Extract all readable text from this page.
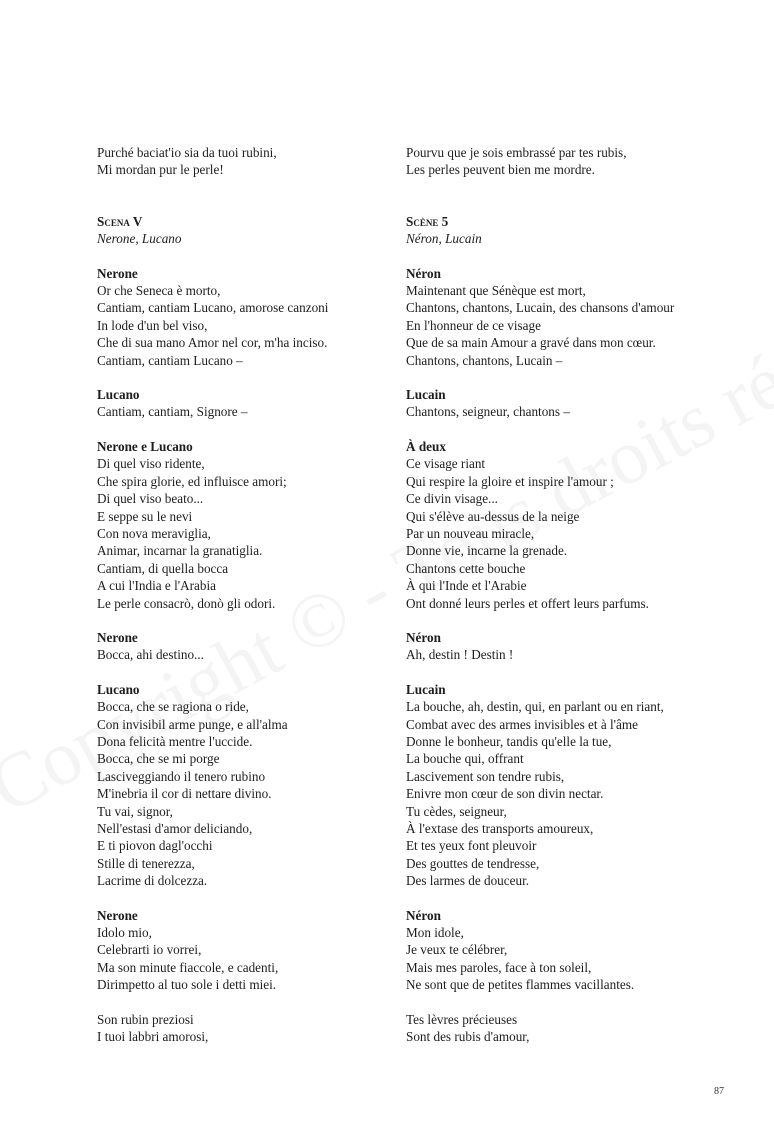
Purché baciat'io sia da tuoi rubini,
Mi mordan pur le perle!
Scena V
Nerone, Lucano
Nerone
Or che Seneca è morto,
Cantiam, cantiam Lucano, amorose canzoni
In lode d'un bel viso,
Che di sua mano Amor nel cor, m'ha inciso.
Cantiam, cantiam Lucano –
Lucano
Cantiam, cantiam, Signore –
Nerone e Lucano
Di quel viso ridente,
Che spira glorie, ed influisce amori;
Di quel viso beato...
E seppe su le nevi
Con nova meraviglia,
Animar, incarnar la granatiglia.
Cantiam, di quella bocca
A cui l'India e l'Arabia
Le perle consacrò, donò gli odori.
Nerone
Bocca, ahi destino...
Lucano
Bocca, che se ragiona o ride,
Con invisibil arme punge, e all'alma
Dona felicità mentre l'uccide.
Bocca, che se mi porge
Lasciveggiando il tenero rubino
M'inebria il cor di nettare divino.
Tu vai, signor,
Nell'estasi d'amor deliciando,
E ti piovon dagl'occhi
Stille di tenerezza,
Lacrime di dolcezza.
Nerone
Idolo mio,
Celebrarti io vorrei,
Ma son minute fiaccole, e cadenti,
Dirimpetto al tuo sole i detti miei.
Son rubin preziosi
I tuoi labbri amorosi,
Pourvu que je sois embrassé par tes rubis,
Les perles peuvent bien me mordre.
Scène 5
Néron, Lucain
Néron
Maintenant que Sénèque est mort,
Chantons, chantons, Lucain, des chansons d'amour
En l'honneur de ce visage
Que de sa main Amour a gravé dans mon cœur.
Chantons, chantons, Lucain –
Lucain
Chantons, seigneur, chantons –
À deux
Ce visage riant
Qui respire la gloire et inspire l'amour ;
Ce divin visage...
Qui s'élève au-dessus de la neige
Par un nouveau miracle,
Donne vie, incarne la grenade.
Chantons cette bouche
À qui l'Inde et l'Arabie
Ont donné leurs perles et offert leurs parfums.
Néron
Ah, destin ! Destin !
Lucain
La bouche, ah, destin, qui, en parlant ou en riant,
Combat avec des armes invisibles et à l'âme
Donne le bonheur, tandis qu'elle la tue,
La bouche qui, offrant
Lascivement son tendre rubis,
Enivre mon cœur de son divin nectar.
Tu cèdes, seigneur,
À l'extase des transports amoureux,
Et tes yeux font pleuvoir
Des gouttes de tendresse,
Des larmes de douceur.
Néron
Mon idole,
Je veux te célébrer,
Mais mes paroles, face à ton soleil,
Ne sont que de petites flammes vacillantes.
Tes lèvres précieuses
Sont des rubis d'amour,
87
